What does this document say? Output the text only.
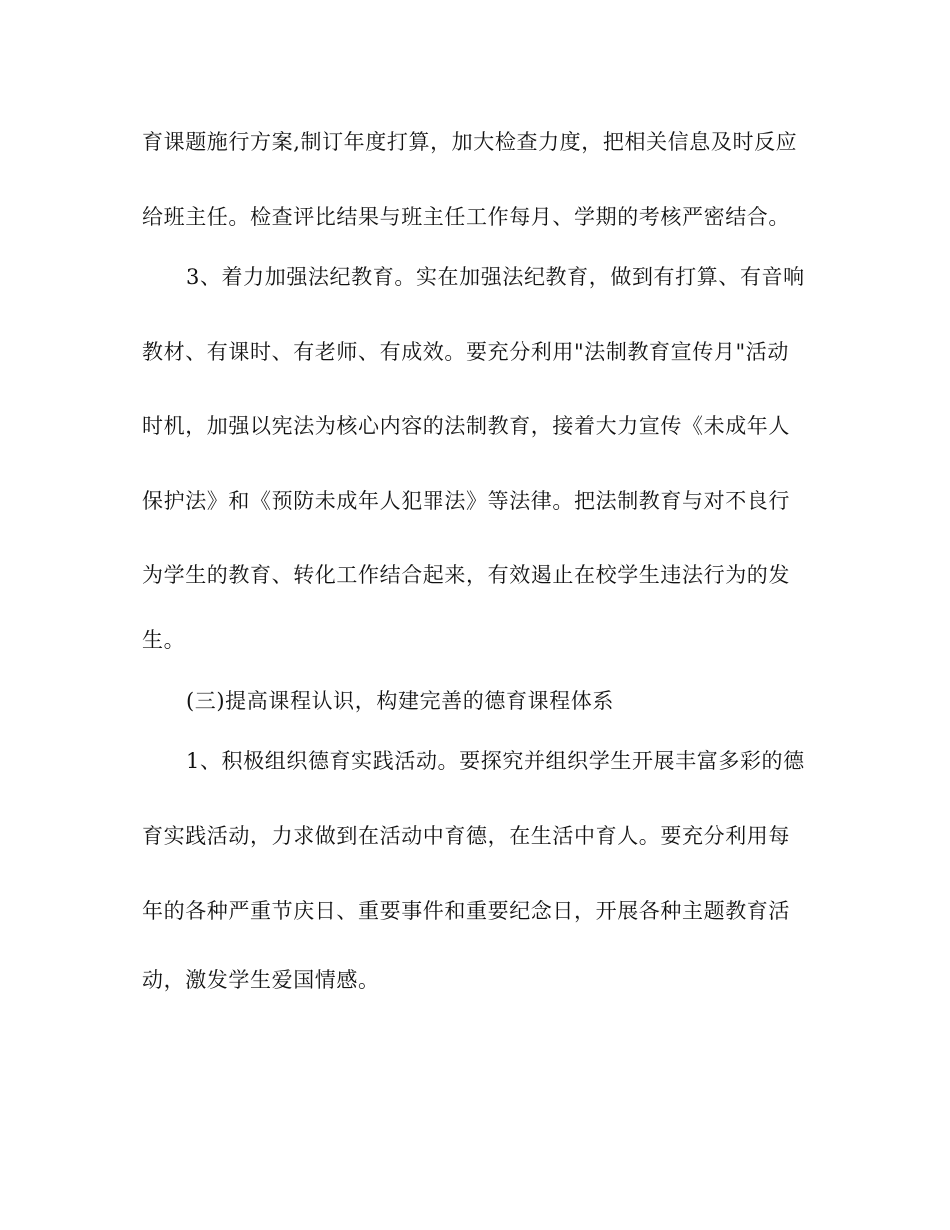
育课题施行方案,制订年度打算，加大检查力度，把相关信息及时反应
给班主任。检查评比结果与班主任工作每月、学期的考核严密结合。
3、着力加强法纪教育。实在加强法纪教育，做到有打算、有音响
教材、有课时、有老师、有成效。要充分利用"法制教育宣传月"活动
时机，加强以宪法为核心内容的法制教育，接着大力宣传《未成年人
保护法》和《预防未成年人犯罪法》等法律。把法制教育与对不良行
为学生的教育、转化工作结合起来，有效遏止在校学生违法行为的发
生。
(三)提高课程认识，构建完善的德育课程体系
1、积极组织德育实践活动。要探究并组织学生开展丰富多彩的德
育实践活动，力求做到在活动中育德，在生活中育人。要充分利用每
年的各种严重节庆日、重要事件和重要纪念日，开展各种主题教育活
动，激发学生爱国情感。
